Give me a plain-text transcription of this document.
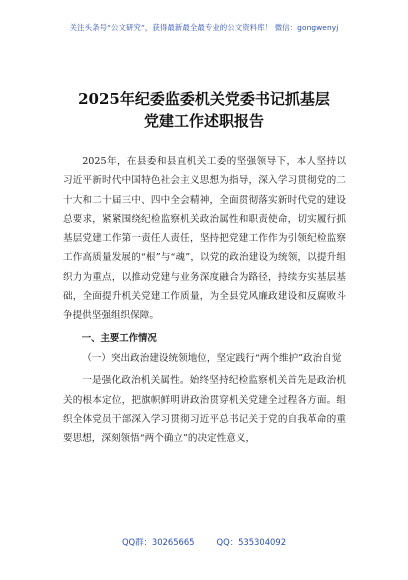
关注头条号“公文研究”，获得最新最全最专业的公文资料库！ 微信：gongwenyj
2025年纪委监委机关党委书记抓基层
党建工作述职报告

2025年，在县委和县直机关工委的坚强领导下，本人坚持以习近平新时代中国特色社会主义思想为指导，深入学习贯彻党的二十大和二十届三中、四中全会精神，全面贯彻落实新时代党的建设总要求，紧紧围绕纪检监察机关政治属性和职责使命，切实履行抓基层党建工作第一责任人责任，坚持把党建工作作为引领纪检监察工作高质量发展的“根”与“魂”，以党的政治建设为统领，以提升组织力为重点，以推动党建与业务深度融合为路径，持续夯实基层基础，全面提升机关党建工作质量，为全县党风廉政建设和反腐败斗争提供坚强组织保障。

一、主要工作情况

（一）突出政治建设统领地位，坚定践行“两个维护”政治自觉

一是强化政治机关属性。始终坚持纪检监察机关首先是政治机关的根本定位，把旗帜鲜明讲政治贯穿机关党建全过程各方面。组织全体党员干部深入学习贯彻习近平总书记关于党的自我革命的重要思想，深刻领悟“两个确立”的决定性意义，

QQ群：30265665	QQ：535304092
